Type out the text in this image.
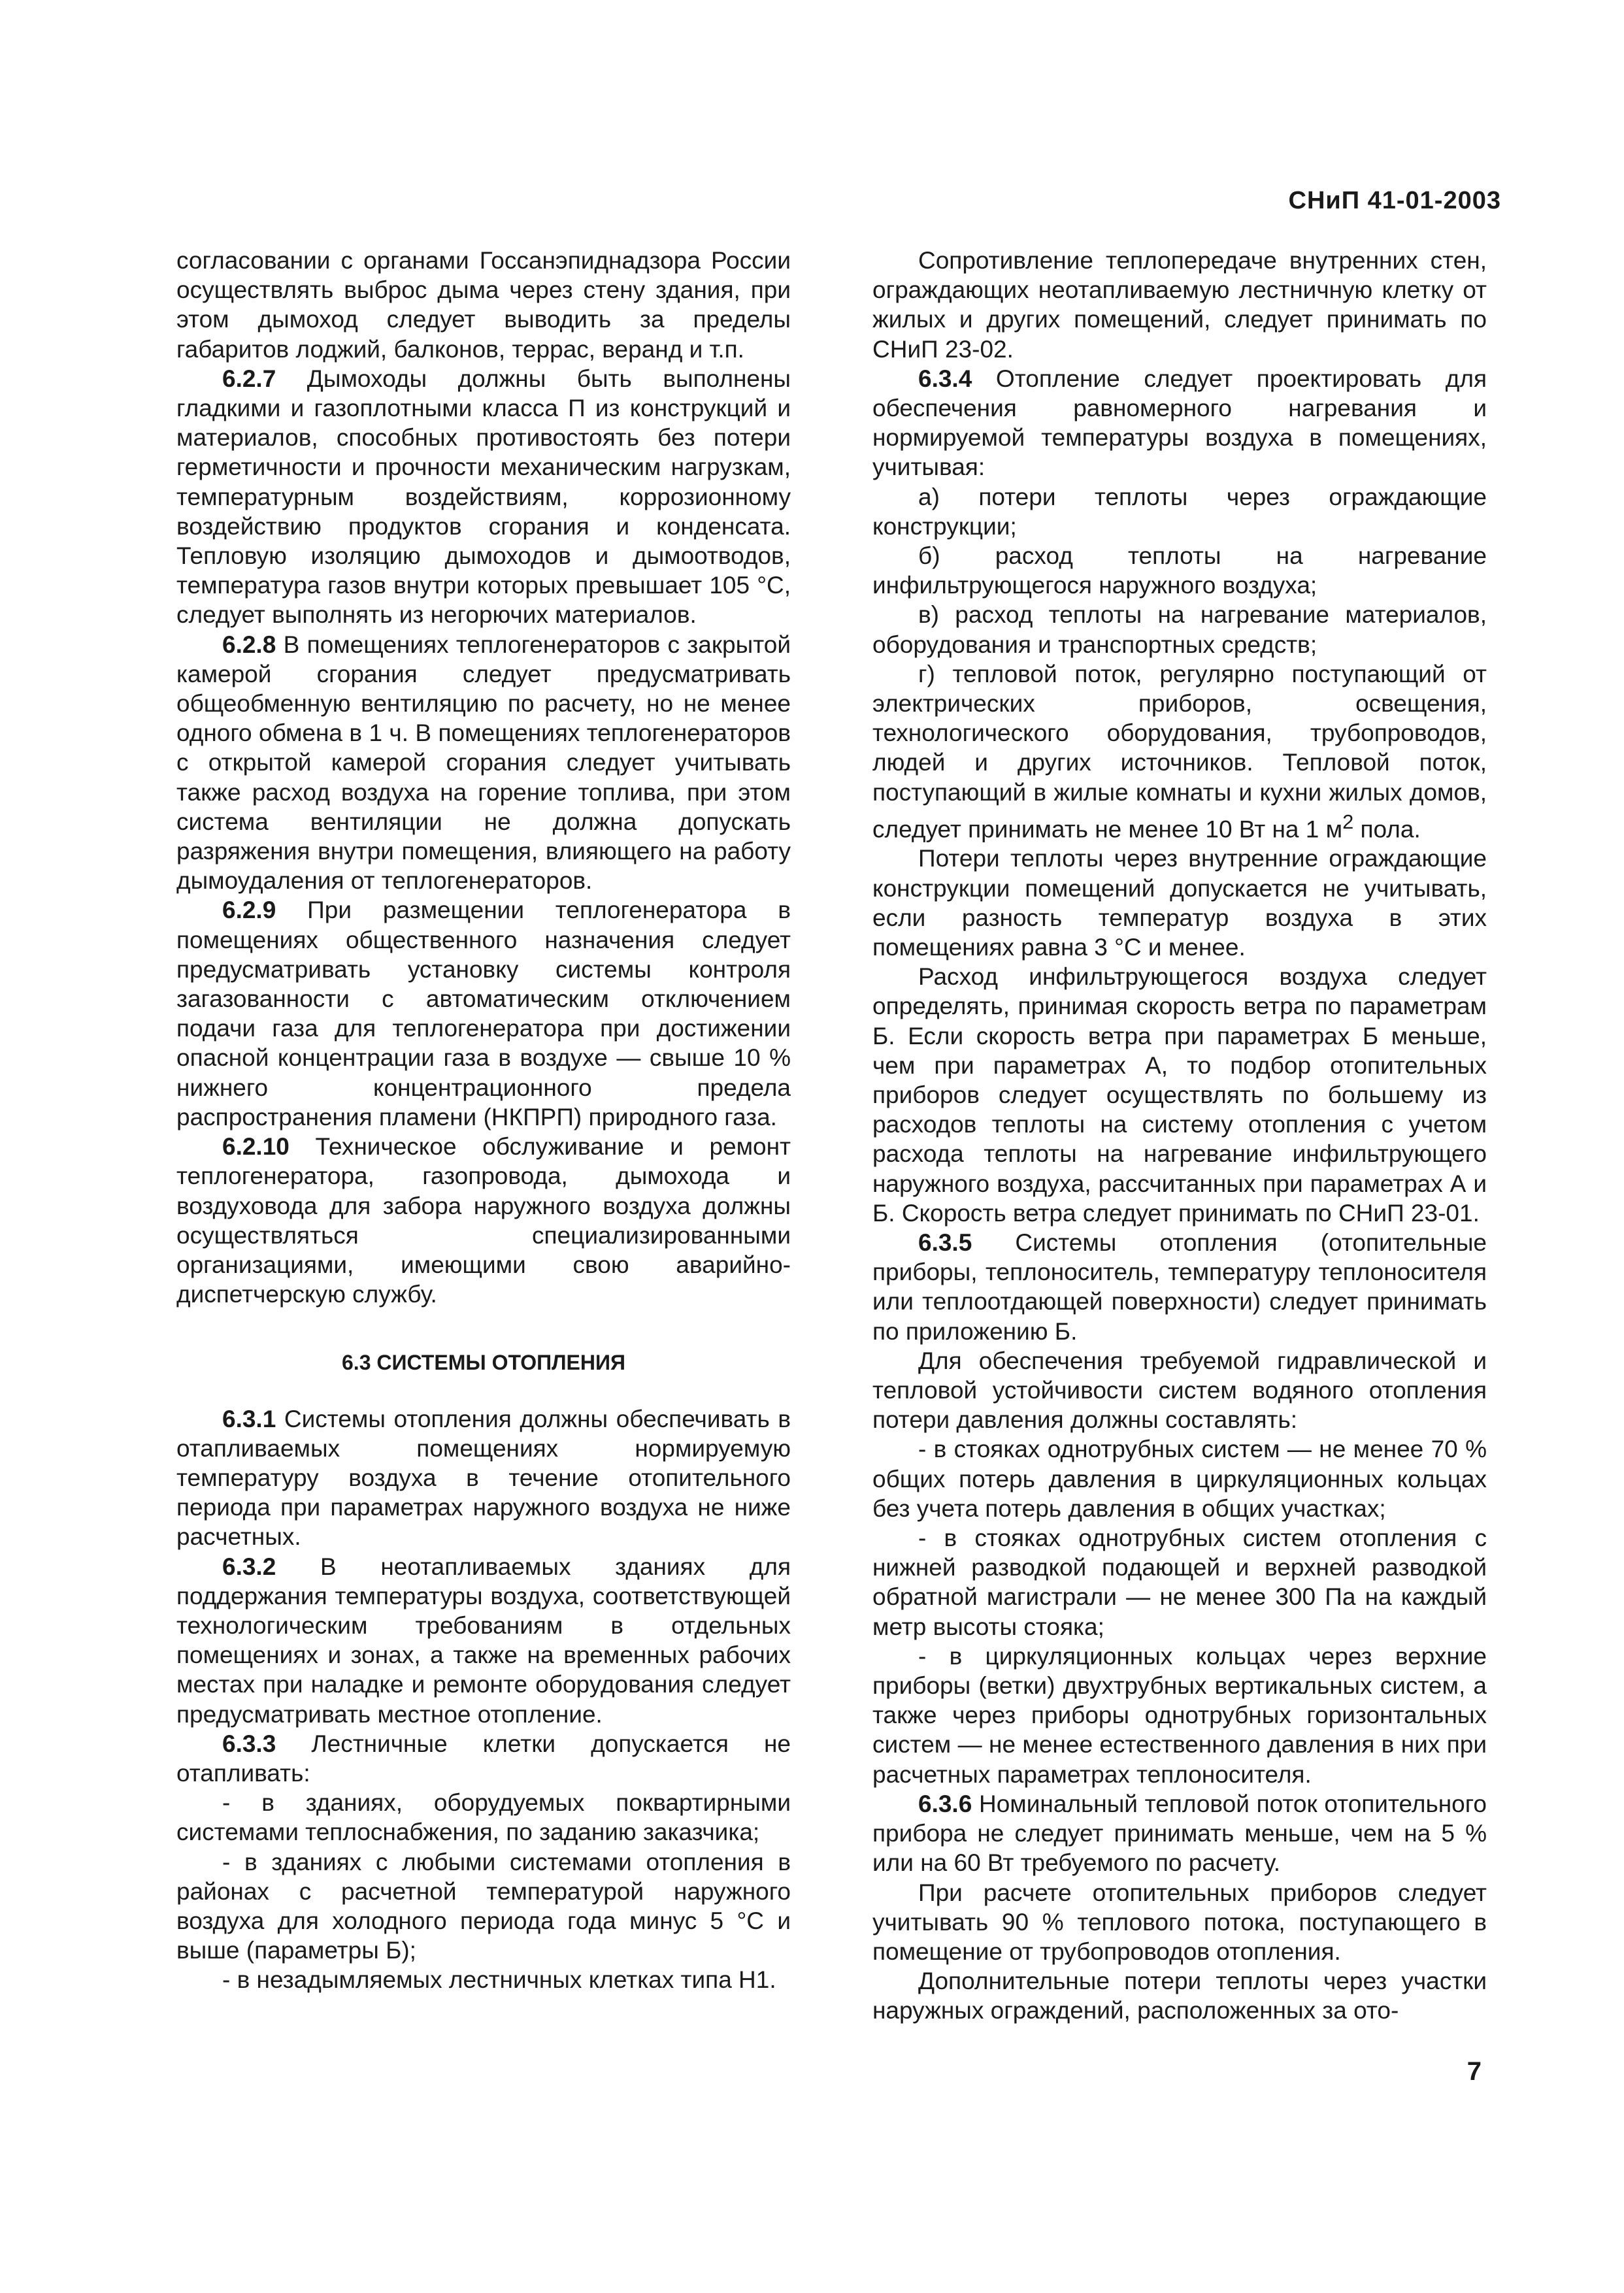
СНиП 41-01-2003

согласовании с органами Госсанэпиднадзора России осуществлять выброс дыма через стену здания, при этом дымоход следует выводить за пределы габаритов лоджий, балконов, террас, веранд и т.п.

6.2.7 Дымоходы должны быть выполнены гладкими и газоплотными класса П из конструкций и материалов, способных противостоять без потери герметичности и прочности механическим нагрузкам, температурным воздействиям, коррозионному воздействию продуктов сгорания и конденсата. Тепловую изоляцию дымоходов и дымоотводов, температура газов внутри которых превышает 105 °С, следует выполнять из негорючих материалов.

6.2.8 В помещениях теплогенераторов с закрытой камерой сгорания следует предусматривать общеобменную вентиляцию по расчету, но не менее одного обмена в 1 ч. В помещениях теплогенераторов с открытой камерой сгорания следует учитывать также расход воздуха на горение топлива, при этом система вентиляции не должна допускать разряжения внутри помещения, влияющего на работу дымоудаления от теплогенераторов.

6.2.9 При размещении теплогенератора в помещениях общественного назначения следует предусматривать установку системы контроля загазованности с автоматическим отключением подачи газа для теплогенератора при достижении опасной концентрации газа в воздухе — свыше 10 % нижнего концентрационного предела распространения пламени (НКПРП) природного газа.

6.2.10 Техническое обслуживание и ремонт теплогенератора, газопровода, дымохода и воздуховода для забора наружного воздуха должны осуществляться специализированными организациями, имеющими свою аварийно-диспетчерскую службу.

6.3 СИСТЕМЫ ОТОПЛЕНИЯ

6.3.1 Системы отопления должны обеспечивать в отапливаемых помещениях нормируемую температуру воздуха в течение отопительного периода при параметрах наружного воздуха не ниже расчетных.

6.3.2 В неотапливаемых зданиях для поддержания температуры воздуха, соответствующей технологическим требованиям в отдельных помещениях и зонах, а также на временных рабочих местах при наладке и ремонте оборудования следует предусматривать местное отопление.

6.3.3 Лестничные клетки допускается не отапливать:

- в зданиях, оборудуемых поквартирными системами теплоснабжения, по заданию заказчика;

- в зданиях с любыми системами отопления в районах с расчетной температурой наружного воздуха для холодного периода года минус 5 °С и выше (параметры Б);

- в незадымляемых лестничных клетках типа Н1.

Сопротивление теплопередаче внутренних стен, ограждающих неотапливаемую лестничную клетку от жилых и других помещений, следует принимать по СНиП 23-02.

6.3.4 Отопление следует проектировать для обеспечения равномерного нагревания и нормируемой температуры воздуха в помещениях, учитывая:

а) потери теплоты через ограждающие конструкции;

б) расход теплоты на нагревание инфильтрующегося наружного воздуха;

в) расход теплоты на нагревание материалов, оборудования и транспортных средств;

г) тепловой поток, регулярно поступающий от электрических приборов, освещения, технологического оборудования, трубопроводов, людей и других источников. Тепловой поток, поступающий в жилые комнаты и кухни жилых домов, следует принимать не менее 10 Вт на 1 $м^2$ пола.

Потери теплоты через внутренние ограждающие конструкции помещений допускается не учитывать, если разность температур воздуха в этих помещениях равна 3 °С и менее.

Расход инфильтрующегося воздуха следует определять, принимая скорость ветра по параметрам Б. Если скорость ветра при параметрах Б меньше, чем при параметрах А, то подбор отопительных приборов следует осуществлять по большему из расходов теплоты на систему отопления с учетом расхода теплоты на нагревание инфильтрующего наружного воздуха, рассчитанных при параметрах А и Б. Скорость ветра следует принимать по СНиП 23-01.

6.3.5 Системы отопления (отопительные приборы, теплоноситель, температуру теплоносителя или теплоотдающей поверхности) следует принимать по приложению Б.

Для обеспечения требуемой гидравлической и тепловой устойчивости систем водяного отопления потери давления должны составлять:

- в стояках однотрубных систем — не менее 70 % общих потерь давления в циркуляционных кольцах без учета потерь давления в общих участках;

- в стояках однотрубных систем отопления с нижней разводкой подающей и верхней разводкой обратной магистрали — не менее 300 Па на каждый метр высоты стояка;

- в циркуляционных кольцах через верхние приборы (ветки) двухтрубных вертикальных систем, а также через приборы однотрубных горизонтальных систем — не менее естественного давления в них при расчетных параметрах теплоносителя.

6.3.6 Номинальный тепловой поток отопительного прибора не следует принимать меньше, чем на 5 % или на 60 Вт требуемого по расчету.

При расчете отопительных приборов следует учитывать 90 % теплового потока, поступающего в помещение от трубопроводов отопления.

Дополнительные потери теплоты через участки наружных ограждений, расположенных за ото-

7
